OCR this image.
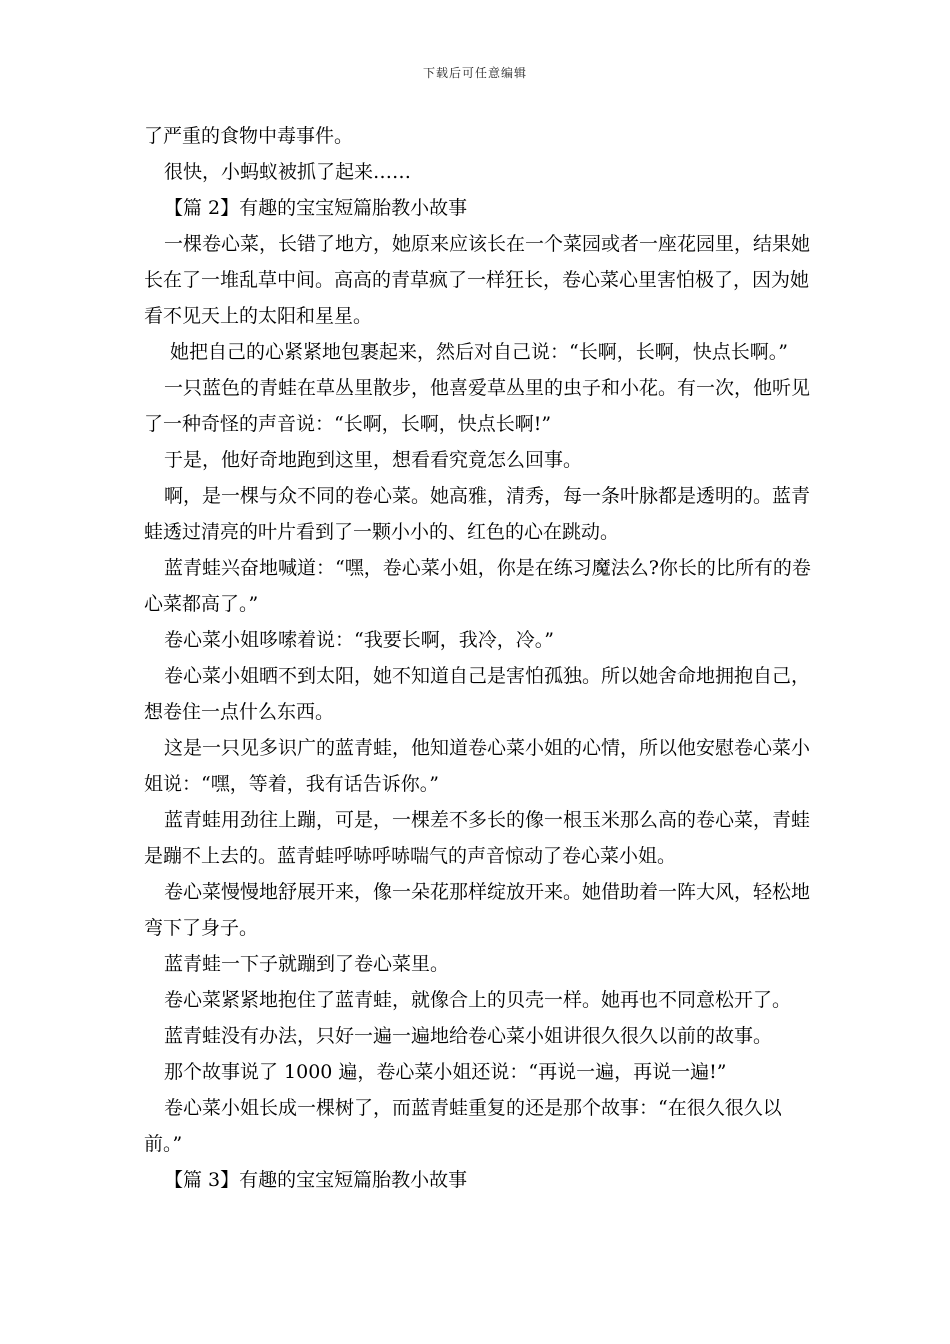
下载后可任意编辑

了严重的食物中毒事件。

很快，小蚂蚁被抓了起来……

【篇 2】有趣的宝宝短篇胎教小故事

一棵卷心菜，长错了地方，她原来应该长在一个菜园或者一座花园里，结果她长在了一堆乱草中间。高高的青草疯了一样狂长，卷心菜心里害怕极了，因为她看不见天上的太阳和星星。

她把自己的心紧紧地包裹起来，然后对自己说：“长啊，长啊，快点长啊。”

一只蓝色的青蛙在草丛里散步，他喜爱草丛里的虫子和小花。有一次，他听见了一种奇怪的声音说：“长啊，长啊，快点长啊!”

于是，他好奇地跑到这里，想看看究竟怎么回事。

啊，是一棵与众不同的卷心菜。她高雅，清秀，每一条叶脉都是透明的。蓝青蛙透过清亮的叶片看到了一颗小小的、红色的心在跳动。

蓝青蛙兴奋地喊道：“嘿，卷心菜小姐，你是在练习魔法么?你长的比所有的卷心菜都高了。”

卷心菜小姐哆嗦着说：“我要长啊，我冷，冷。”

卷心菜小姐晒不到太阳，她不知道自己是害怕孤独。所以她舍命地拥抱自己，想卷住一点什么东西。

这是一只见多识广的蓝青蛙，他知道卷心菜小姐的心情，所以他安慰卷心菜小姐说：“嘿，等着，我有话告诉你。”

蓝青蛙用劲往上蹦，可是，一棵差不多长的像一根玉米那么高的卷心菜，青蛙是蹦不上去的。蓝青蛙呼哧呼哧喘气的声音惊动了卷心菜小姐。

卷心菜慢慢地舒展开来，像一朵花那样绽放开来。她借助着一阵大风，轻松地弯下了身子。

蓝青蛙一下子就蹦到了卷心菜里。

卷心菜紧紧地抱住了蓝青蛙，就像合上的贝壳一样。她再也不同意松开了。

蓝青蛙没有办法，只好一遍一遍地给卷心菜小姐讲很久很久以前的故事。

那个故事说了 1000 遍，卷心菜小姐还说：“再说一遍，再说一遍!”

卷心菜小姐长成一棵树了，而蓝青蛙重复的还是那个故事：“在很久很久以前。”

【篇 3】有趣的宝宝短篇胎教小故事
